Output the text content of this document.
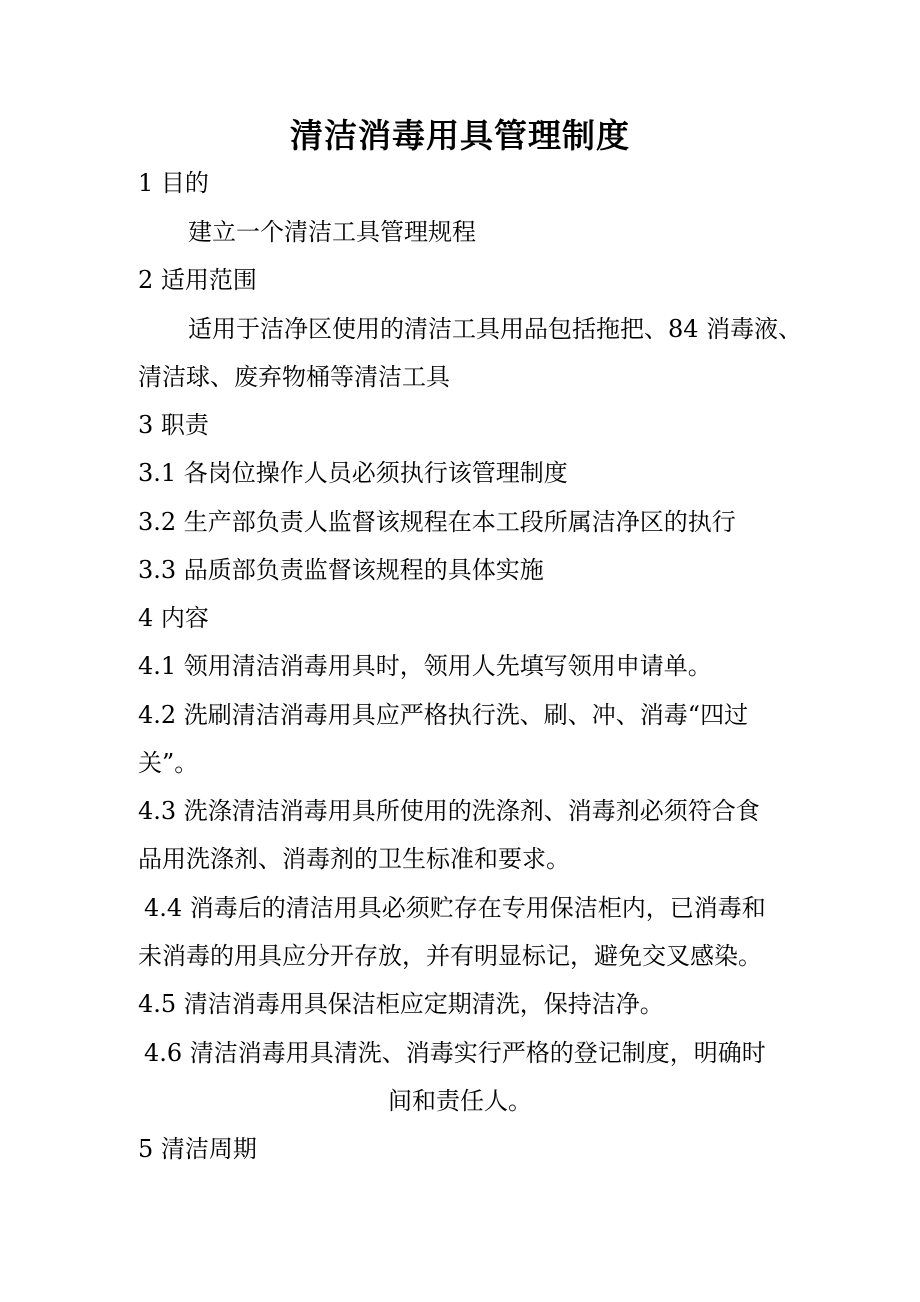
清洁消毒用具管理制度
1 目的
建立一个清洁工具管理规程
2 适用范围
适用于洁净区使用的清洁工具用品包括拖把、84 消毒液、
清洁球、废弃物桶等清洁工具
3 职责
3.1 各岗位操作人员必须执行该管理制度
3.2 生产部负责人监督该规程在本工段所属洁净区的执行
3.3 品质部负责监督该规程的具体实施
4 内容
4.1 领用清洁消毒用具时，领用人先填写领用申请单。
4.2 洗刷清洁消毒用具应严格执行洗、刷、冲、消毒“四过
关”。
4.3 洗涤清洁消毒用具所使用的洗涤剂、消毒剂必须符合食
品用洗涤剂、消毒剂的卫生标准和要求。
4.4 消毒后的清洁用具必须贮存在专用保洁柜内，已消毒和
未消毒的用具应分开存放，并有明显标记，避免交叉感染。
4.5 清洁消毒用具保洁柜应定期清洗，保持洁净。
4.6 清洁消毒用具清洗、消毒实行严格的登记制度，明确时
间和责任人。
5 清洁周期
